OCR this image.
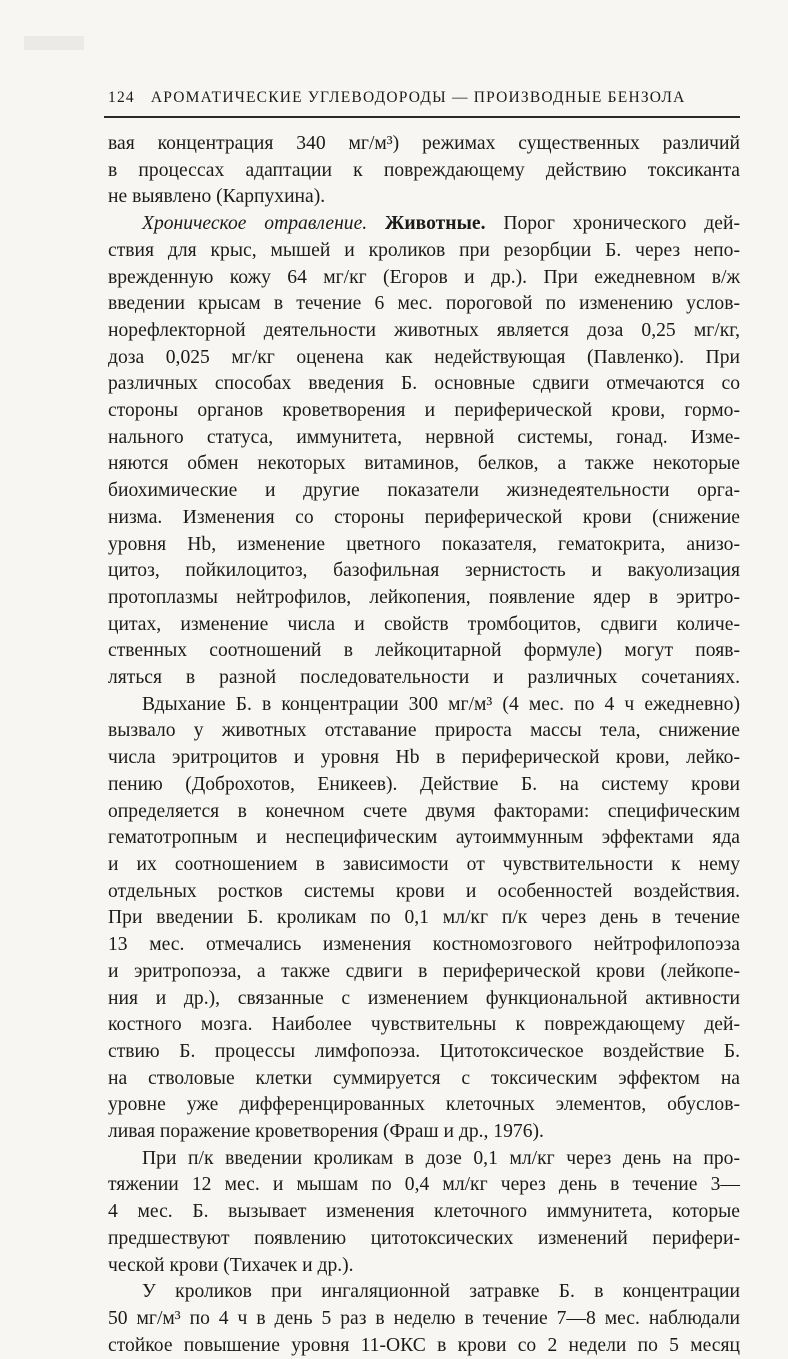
124 АРОМАТИЧЕСКИЕ УГЛЕВОДОРОДЫ — ПРОИЗВОДНЫЕ БЕНЗОЛА

вая концентрация 340 мг/м³) режимах существенных различий

в процессах адаптации к повреждающему действию токсиканта

не выявлено (Карпухина).

Хроническое отравление. Животные. Порог хронического дей-

ствия для крыс, мышей и кроликов при резорбции Б. через непо-

врежденную кожу 64 мг/кг (Егоров и др.). При ежедневном в/ж

введении крысам в течение 6 мес. пороговой по изменению услов-

норефлекторной деятельности животных является доза 0,25 мг/кг,

доза 0,025 мг/кг оценена как недействующая (Павленко). При

различных способах введения Б. основные сдвиги отмечаются со

стороны органов кроветворения и периферической крови, гормо-

нального статуса, иммунитета, нервной системы, гонад. Изме-

няются обмен некоторых витаминов, белков, а также некоторые

биохимические и другие показатели жизнедеятельности орга-

низма. Изменения со стороны периферической крови (снижение

уровня Hb, изменение цветного показателя, гематокрита, анизо-

цитоз, пойкилоцитоз, базофильная зернистость и вакуолизация

протоплазмы нейтрофилов, лейкопения, появление ядер в эритро-

цитах, изменение числа и свойств тромбоцитов, сдвиги количе-

ственных соотношений в лейкоцитарной формуле) могут появ-

ляться в разной последовательности и различных сочетаниях.

Вдыхание Б. в концентрации 300 мг/м³ (4 мес. по 4 ч ежедневно)

вызвало у животных отставание прироста массы тела, снижение

числа эритроцитов и уровня Hb в периферической крови, лейко-

пению (Доброхотов, Еникеев). Действие Б. на систему крови

определяется в конечном счете двумя факторами: специфическим

гематотропным и неспецифическим аутоиммунным эффектами яда

и их соотношением в зависимости от чувствительности к нему

отдельных ростков системы крови и особенностей воздействия.

При введении Б. кроликам по 0,1 мл/кг п/к через день в течение

13 мес. отмечались изменения костномозгового нейтрофилопоэза

и эритропоэза, а также сдвиги в периферической крови (лейкопе-

ния и др.), связанные с изменением функциональной активности

костного мозга. Наиболее чувствительны к повреждающему дей-

ствию Б. процессы лимфопоэза. Цитотоксическое воздействие Б.

на стволовые клетки суммируется с токсическим эффектом на

уровне уже дифференцированных клеточных элементов, обуслов-

ливая поражение кроветворения (Фраш и др., 1976).

При п/к введении кроликам в дозе 0,1 мл/кг через день на про-

тяжении 12 мес. и мышам по 0,4 мл/кг через день в течение 3—

4 мес. Б. вызывает изменения клеточного иммунитета, которые

предшествуют появлению цитотоксических изменений перифери-

ческой крови (Тихачек и др.).

У кроликов при ингаляционной затравке Б. в концентрации

50 мг/м³ по 4 ч в день 5 раз в неделю в течение 7—8 мес. наблюдали

стойкое повышение уровня 11-ОКС в крови со 2 недели по 5 месяц
